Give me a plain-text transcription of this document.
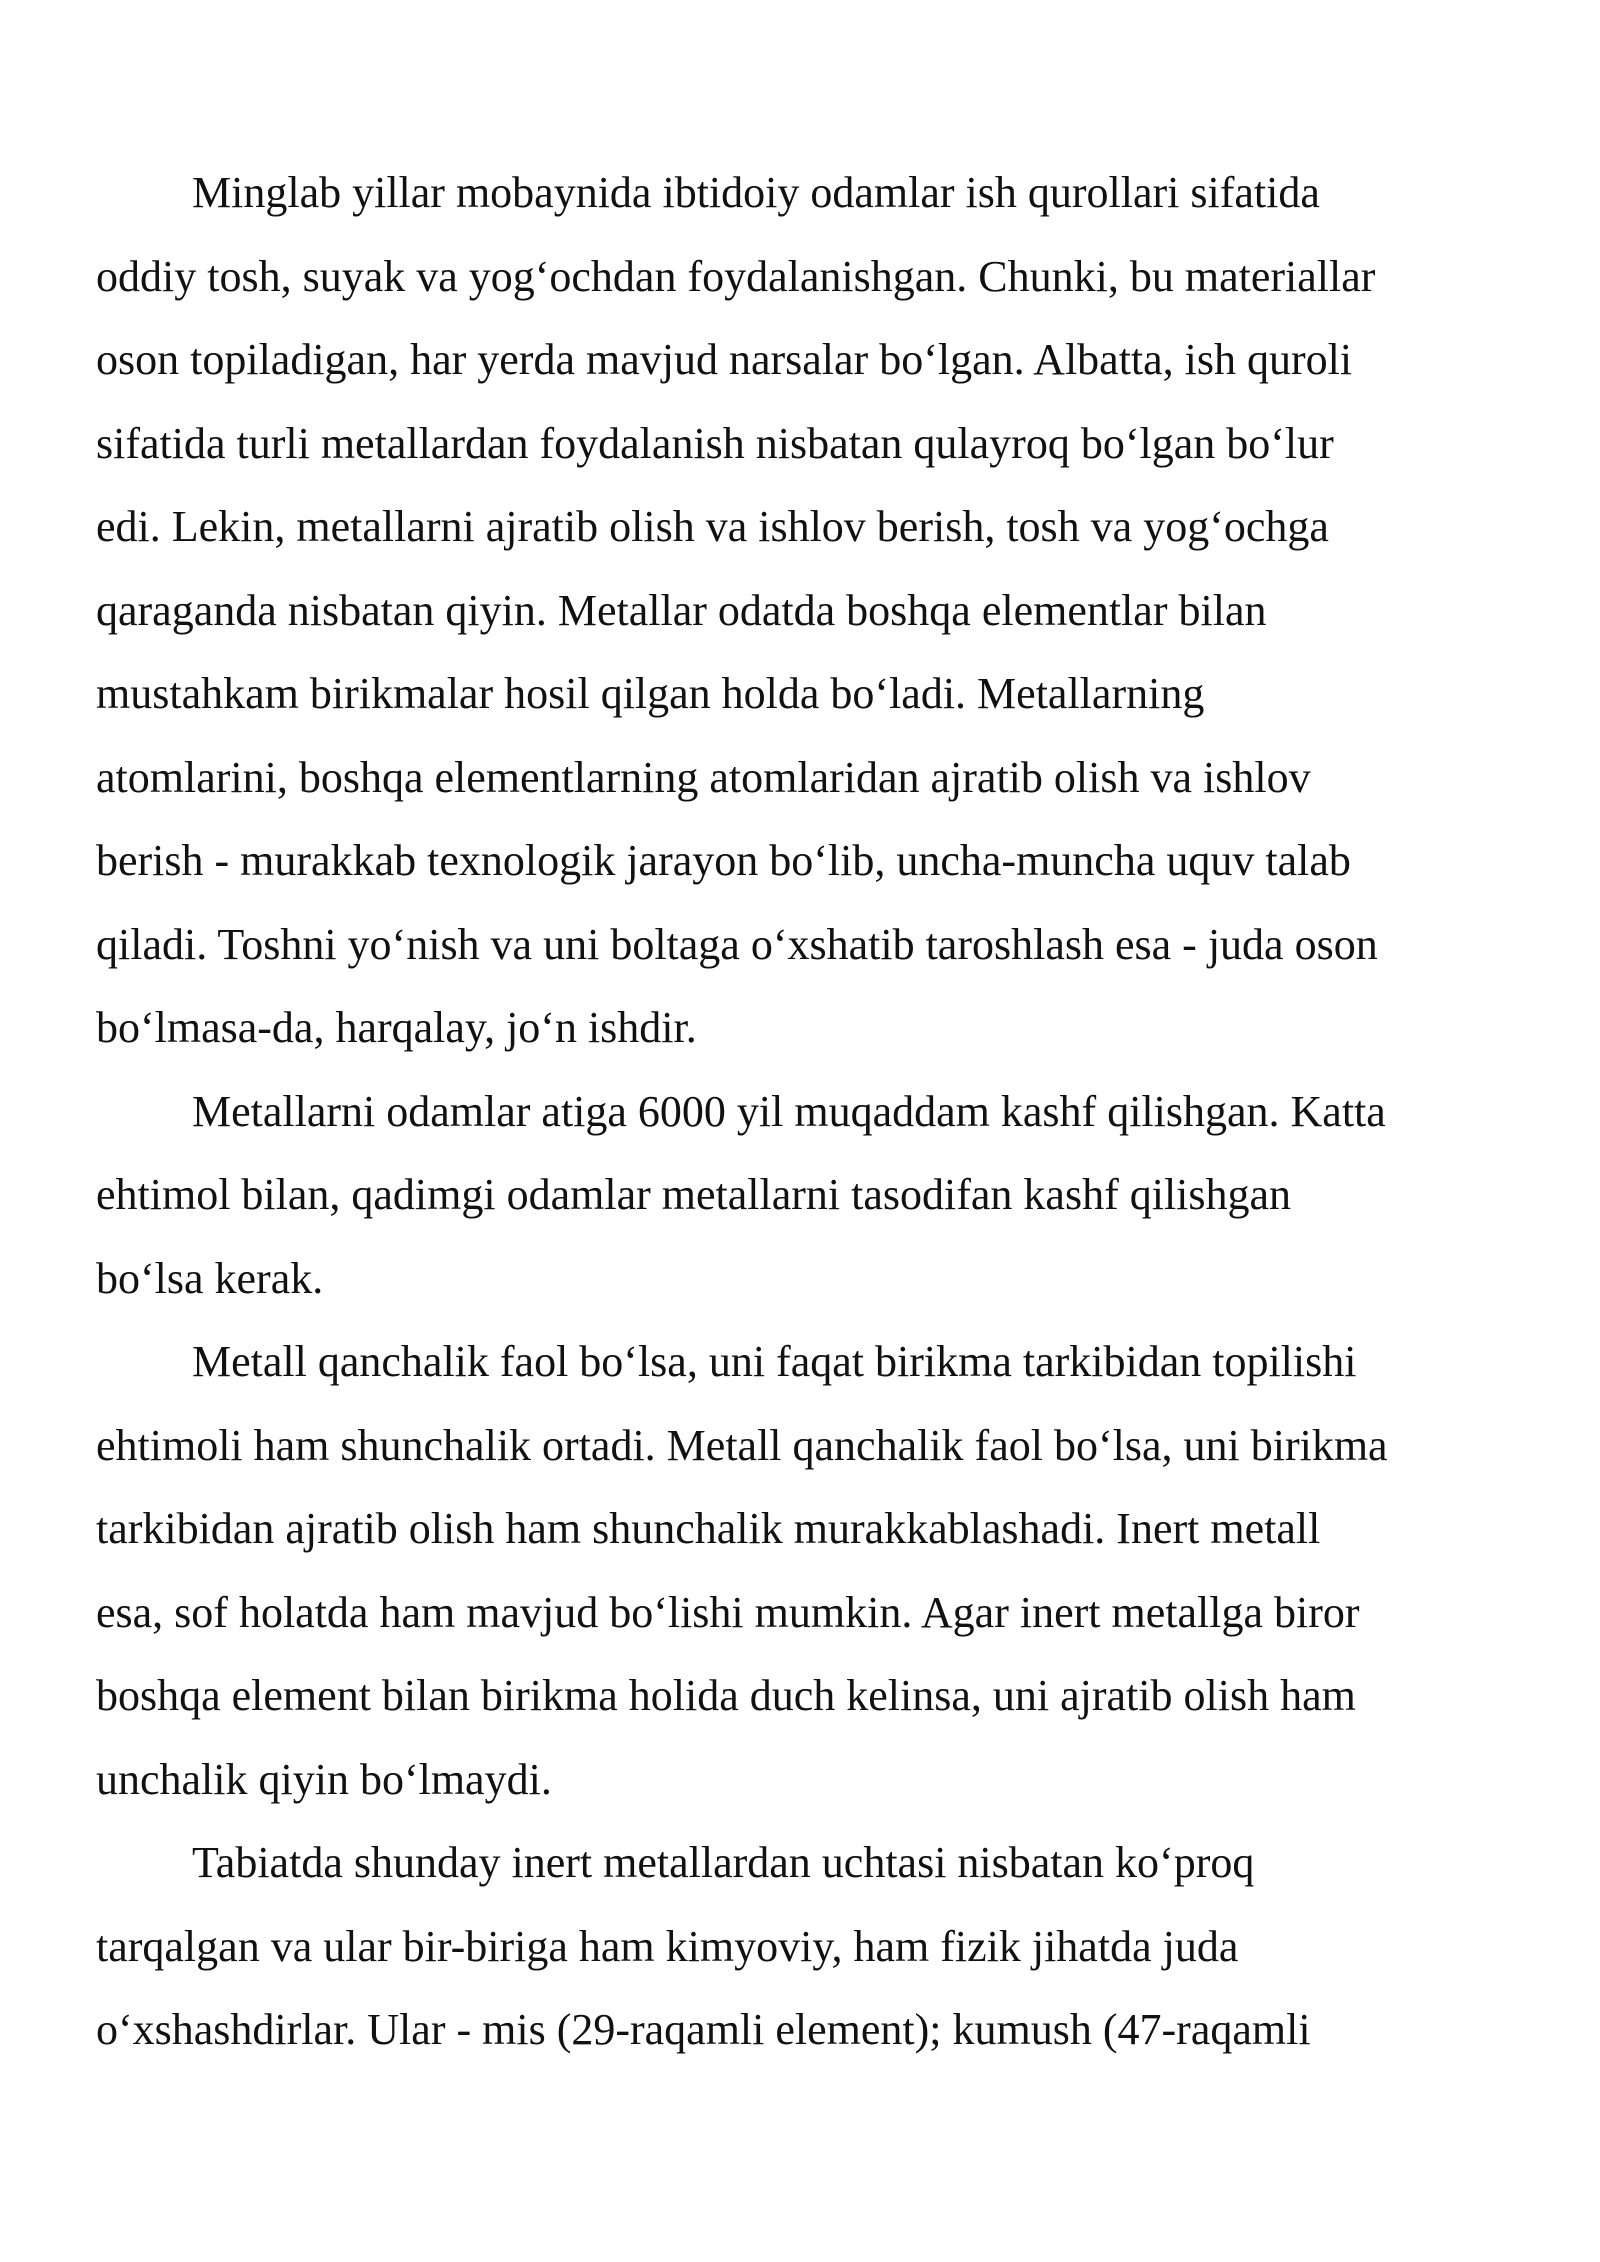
Minglab yillar mobaynida ibtidoiy odamlar ish qurollari sifatida
oddiy tosh, suyak va yog‘ochdan foydalanishgan. Chunki, bu materiallar
oson topiladigan, har yerda mavjud narsalar bo‘lgan. Albatta, ish quroli
sifatida turli metallardan foydalanish nisbatan qulayroq bo‘lgan bo‘lur
edi. Lekin, metallarni ajratib olish va ishlov berish, tosh va yog‘ochga
qaraganda nisbatan qiyin. Metallar odatda boshqa elementlar bilan
mustahkam birikmalar hosil qilgan holda bo‘ladi. Metallarning
atomlarini, boshqa elementlarning atomlaridan ajratib olish va ishlov
berish - murakkab texnologik jarayon bo‘lib, uncha-muncha uquv talab
qiladi. Toshni yo‘nish va uni boltaga o‘xshatib taroshlash esa - juda oson
bo‘lmasa-da, harqalay, jo‘n ishdir.
Metallarni odamlar atiga 6000 yil muqaddam kashf qilishgan. Katta
ehtimol bilan, qadimgi odamlar metallarni tasodifan kashf qilishgan
bo‘lsa kerak.
Metall qanchalik faol bo‘lsa, uni faqat birikma tarkibidan topilishi
ehtimoli ham shunchalik ortadi. Metall qanchalik faol bo‘lsa, uni birikma
tarkibidan ajratib olish ham shunchalik murakkablashadi. Inert metall
esa, sof holatda ham mavjud bo‘lishi mumkin. Agar inert metallga biror
boshqa element bilan birikma holida duch kelinsa, uni ajratib olish ham
unchalik qiyin bo‘lmaydi.
Tabiatda shunday inert metallardan uchtasi nisbatan ko‘proq
tarqalgan va ular bir-biriga ham kimyoviy, ham fizik jihatda juda
o‘xshashdirlar. Ular - mis (29-raqamli element); kumush (47-raqamli
